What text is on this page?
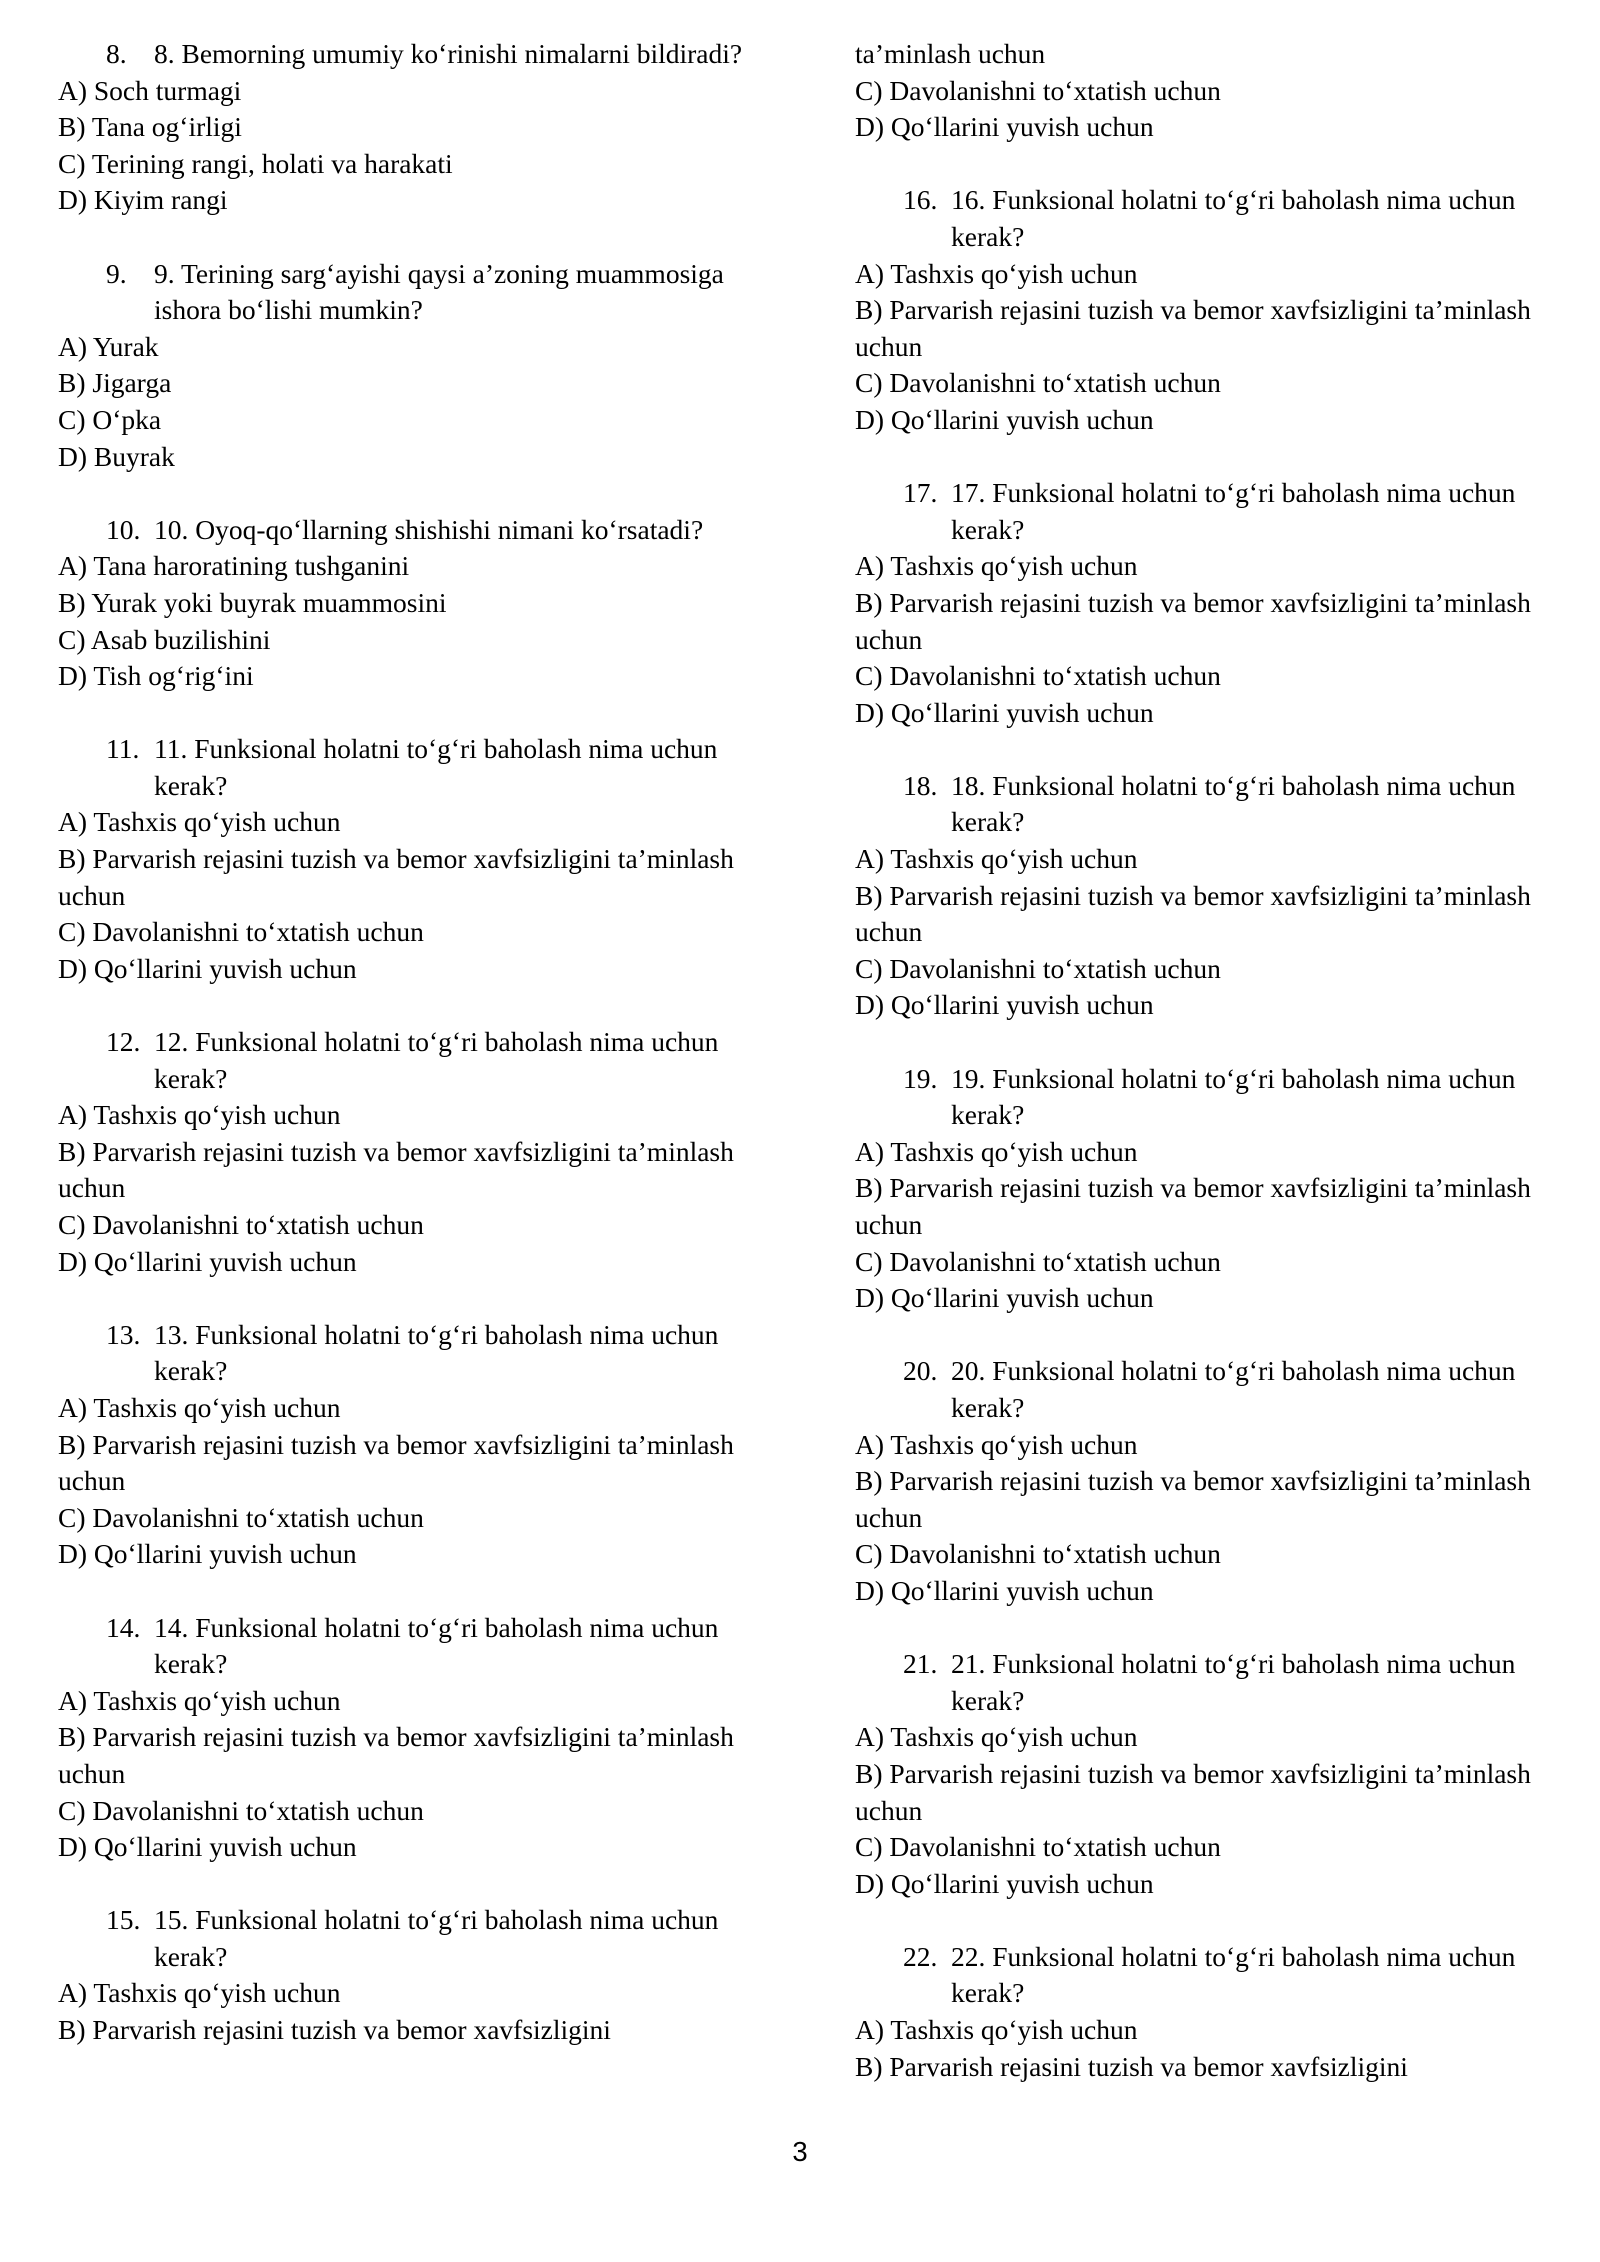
8. 8. Bemorning umumiy ko‘rinishi nimalarni bildiradi?
A) Soch turmagi
B) Tana og‘irligi
C) Terining rangi, holati va harakati
D) Kiyim rangi
9. 9. Terining sarg‘ayishi qaysi a’zoning muammosiga ishora bo‘lishi mumkin?
A) Yurak
B) Jigarga
C) O‘pka
D) Buyrak
10. 10. Oyoq-qo‘llarning shishishi nimani ko‘rsatadi?
A) Tana haroratining tushganini
B) Yurak yoki buyrak muammosini
C) Asab buzilishini
D) Tish og‘rig‘ini
11. 11. Funksional holatni to‘g‘ri baholash nima uchun kerak?
A) Tashxis qo‘yish uchun
B) Parvarish rejasini tuzish va bemor xavfsizligini ta’minlash uchun
C) Davolanishni to‘xtatish uchun
D) Qo‘llarini yuvish uchun
12. 12. Funksional holatni to‘g‘ri baholash nima uchun kerak?
A) Tashxis qo‘yish uchun
B) Parvarish rejasini tuzish va bemor xavfsizligini ta’minlash uchun
C) Davolanishni to‘xtatish uchun
D) Qo‘llarini yuvish uchun
13. 13. Funksional holatni to‘g‘ri baholash nima uchun kerak?
A) Tashxis qo‘yish uchun
B) Parvarish rejasini tuzish va bemor xavfsizligini ta’minlash uchun
C) Davolanishni to‘xtatish uchun
D) Qo‘llarini yuvish uchun
14. 14. Funksional holatni to‘g‘ri baholash nima uchun kerak?
A) Tashxis qo‘yish uchun
B) Parvarish rejasini tuzish va bemor xavfsizligini ta’minlash uchun
C) Davolanishni to‘xtatish uchun
D) Qo‘llarini yuvish uchun
15. 15. Funksional holatni to‘g‘ri baholash nima uchun kerak?
A) Tashxis qo‘yish uchun
B) Parvarish rejasini tuzish va bemor xavfsizligini
ta’minlash uchun
C) Davolanishni to‘xtatish uchun
D) Qo‘llarini yuvish uchun
16. 16. Funksional holatni to‘g‘ri baholash nima uchun kerak?
A) Tashxis qo‘yish uchun
B) Parvarish rejasini tuzish va bemor xavfsizligini ta’minlash uchun
C) Davolanishni to‘xtatish uchun
D) Qo‘llarini yuvish uchun
17. 17. Funksional holatni to‘g‘ri baholash nima uchun kerak?
A) Tashxis qo‘yish uchun
B) Parvarish rejasini tuzish va bemor xavfsizligini ta’minlash uchun
C) Davolanishni to‘xtatish uchun
D) Qo‘llarini yuvish uchun
18. 18. Funksional holatni to‘g‘ri baholash nima uchun kerak?
A) Tashxis qo‘yish uchun
B) Parvarish rejasini tuzish va bemor xavfsizligini ta’minlash uchun
C) Davolanishni to‘xtatish uchun
D) Qo‘llarini yuvish uchun
19. 19. Funksional holatni to‘g‘ri baholash nima uchun kerak?
A) Tashxis qo‘yish uchun
B) Parvarish rejasini tuzish va bemor xavfsizligini ta’minlash uchun
C) Davolanishni to‘xtatish uchun
D) Qo‘llarini yuvish uchun
20. 20. Funksional holatni to‘g‘ri baholash nima uchun kerak?
A) Tashxis qo‘yish uchun
B) Parvarish rejasini tuzish va bemor xavfsizligini ta’minlash uchun
C) Davolanishni to‘xtatish uchun
D) Qo‘llarini yuvish uchun
21. 21. Funksional holatni to‘g‘ri baholash nima uchun kerak?
A) Tashxis qo‘yish uchun
B) Parvarish rejasini tuzish va bemor xavfsizligini ta’minlash uchun
C) Davolanishni to‘xtatish uchun
D) Qo‘llarini yuvish uchun
22. 22. Funksional holatni to‘g‘ri baholash nima uchun kerak?
A) Tashxis qo‘yish uchun
B) Parvarish rejasini tuzish va bemor xavfsizligini
3
